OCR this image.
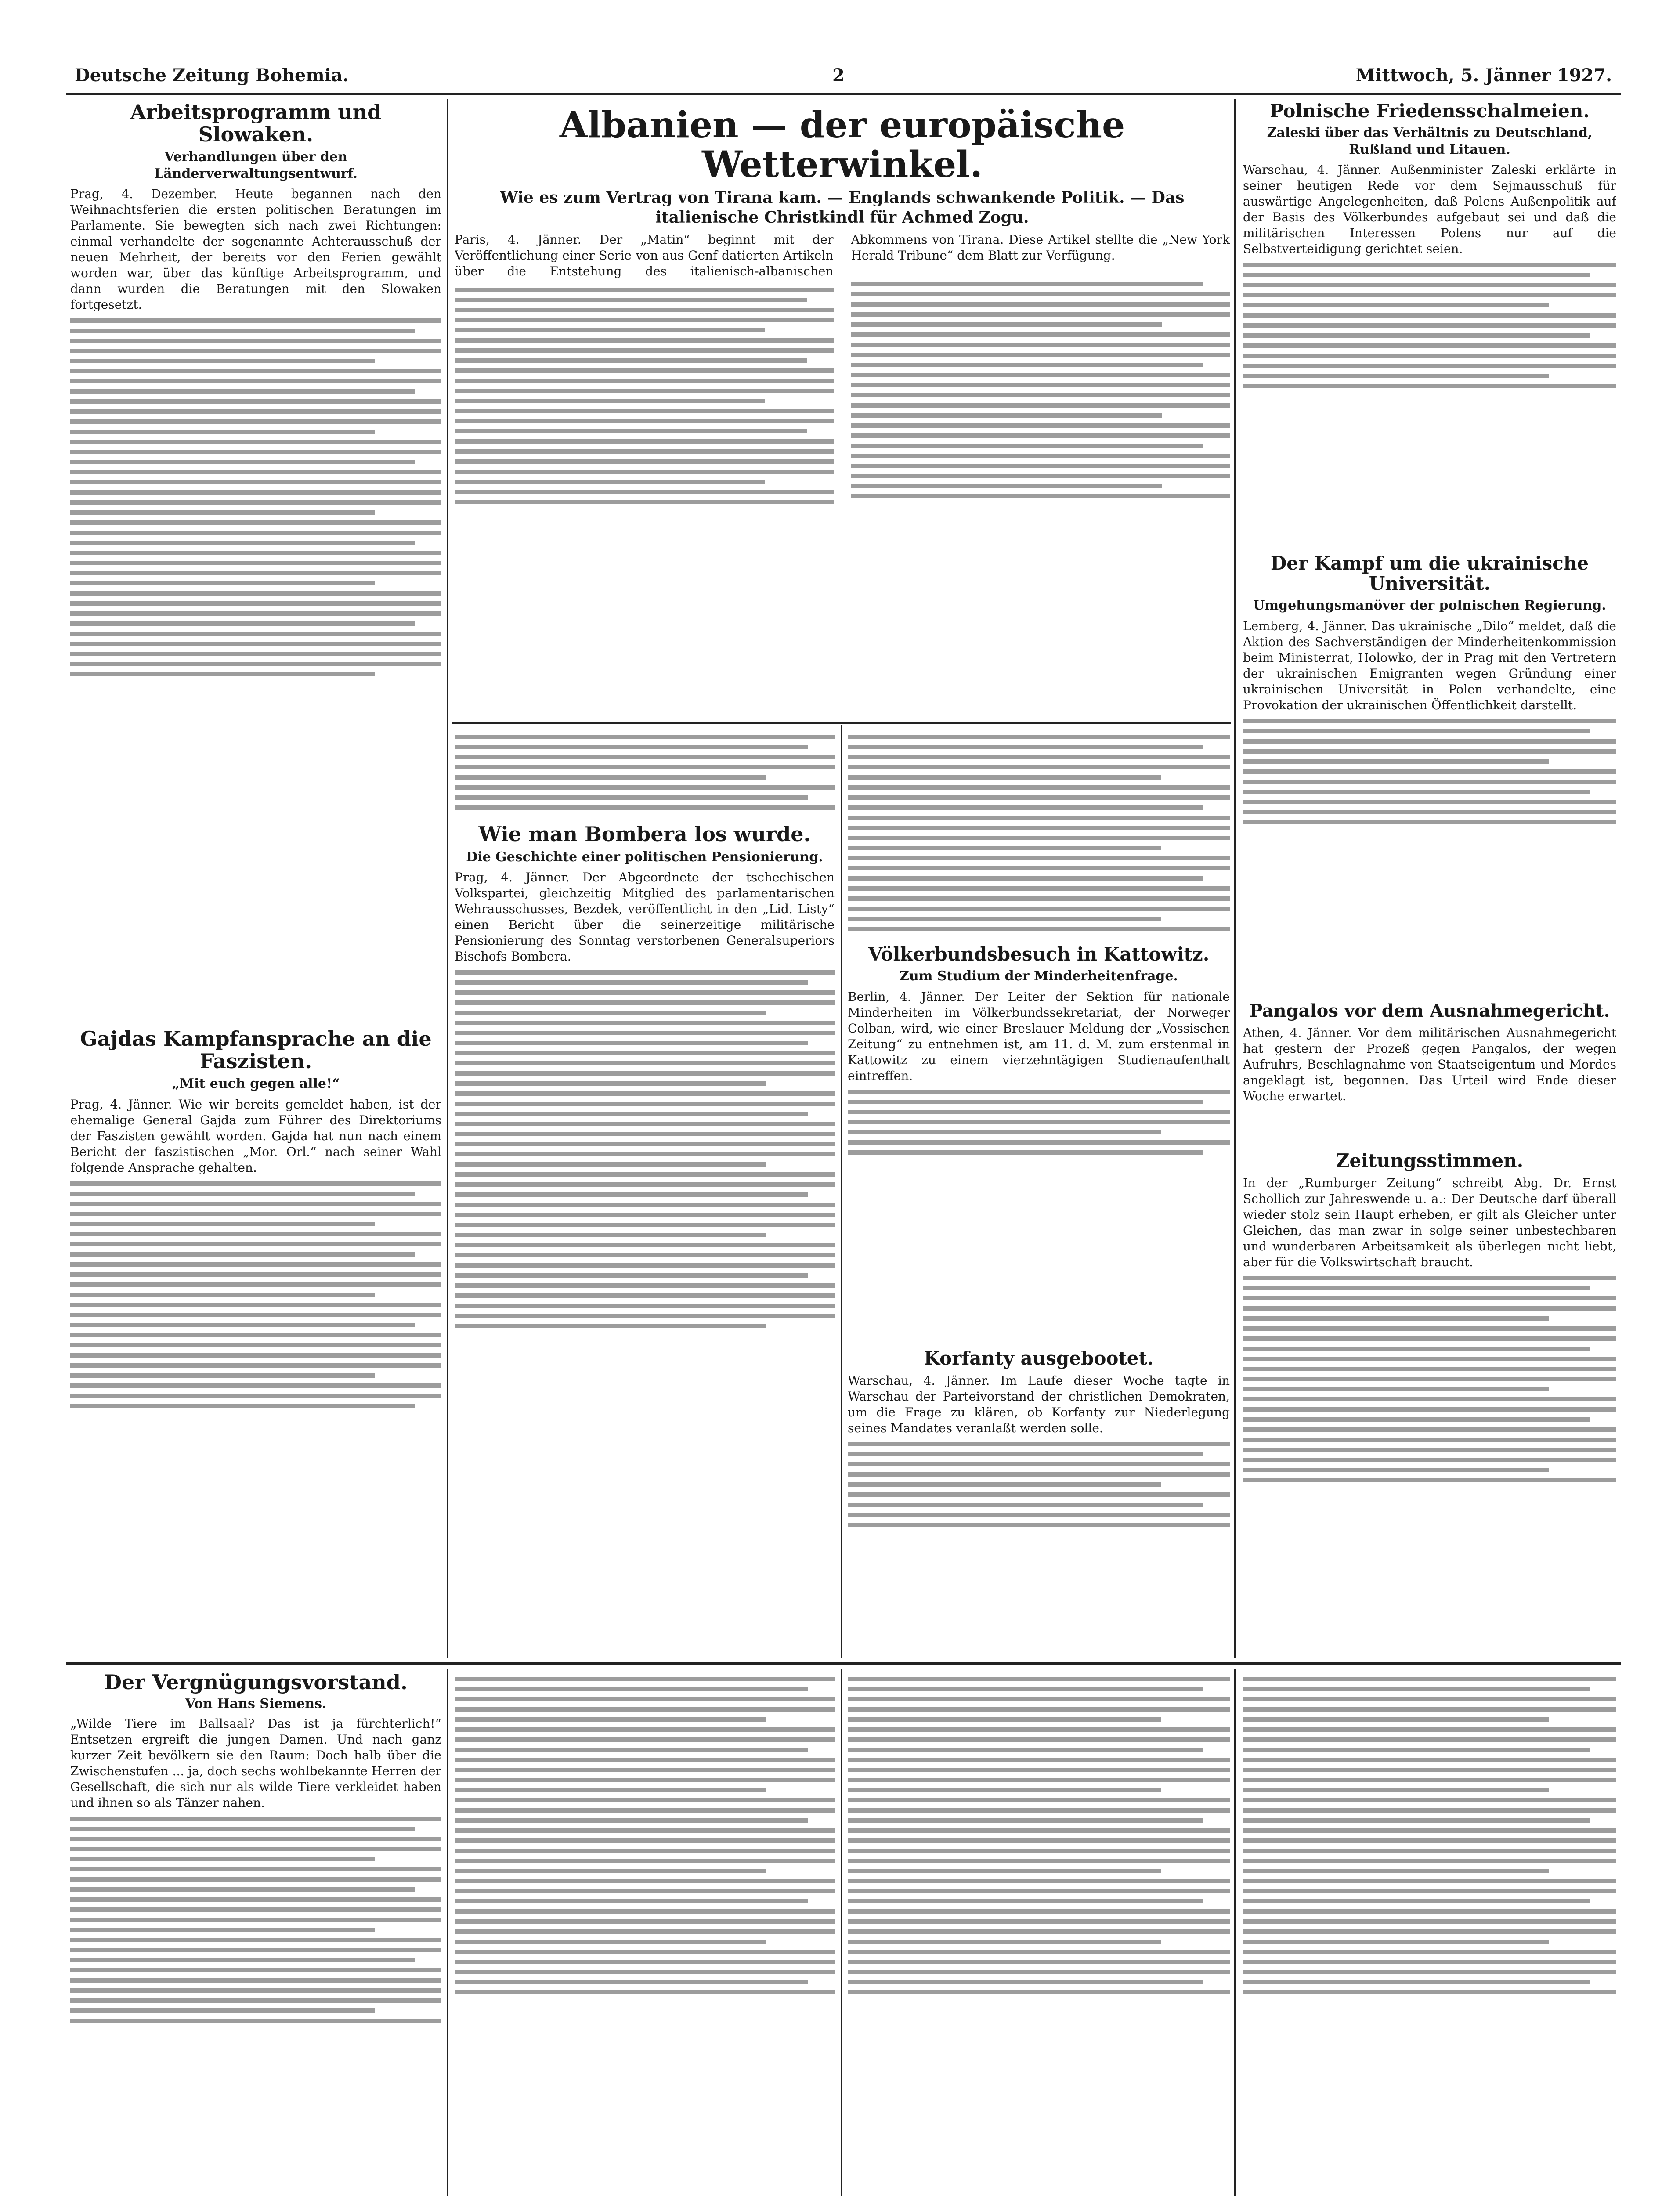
Deutsche Zeitung Bohemia.	2	Mittwoch, 5. Jänner 1927.
Arbeitsprogramm und Slowaken.
Verhandlungen über den Länderverwaltungsentwurf.
Prag, 4. Dezember. Heute begannen nach den Weihnachtsferien die ersten politischen Beratungen im Parlamente. Sie bewegten sich nach zwei Richtungen: einmal verhandelte der sogenannte Achterausschuß der neuen Mehrheit, der bereits vor den Ferien gewählt worden war, über das künftige Arbeitsprogramm, und dann wurden die Beratungen mit den Slowaken fortgesetzt.
Gajdas Kampfansprache an die Faszisten.
„Mit euch gegen alle!“
Prag, 4. Jänner. Wie wir bereits gemeldet haben, ist der ehemalige General Gajda zum Führer des Direktoriums der Faszisten gewählt worden. Gajda hat nun nach einem Bericht der faszistischen „Mor. Orl.“ nach seiner Wahl folgende Ansprache gehalten.
Albanien — der europäische Wetterwinkel.
Wie es zum Vertrag von Tirana kam. — Englands schwankende Politik. — Das italienische Christkindl für Achmed Zogu.
Paris, 4. Jänner. Der „Matin“ beginnt mit der Veröffentlichung einer Serie von aus Genf datierten Artikeln über die Entstehung des italienisch-albanischen Abkommens von Tirana. Diese Artikel stellte die „New York Herald Tribune“ dem Blatt zur Verfügung.
Wie man Bombera los wurde.
Die Geschichte einer politischen Pensionierung.
Prag, 4. Jänner. Der Abgeordnete der tschechischen Volkspartei, gleichzeitig Mitglied des parlamentarischen Wehrausschusses, Bezdek, veröffentlicht in den „Lid. Listy“ einen Bericht über die seinerzeitige militärische Pensionierung des Sonntag verstorbenen Generalsuperiors Bischofs Bombera.	Völkerbundsbesuch in Kattowitz.
Zum Studium der Minderheitenfrage.
Berlin, 4. Jänner. Der Leiter der Sektion für nationale Minderheiten im Völkerbundssekretariat, der Norweger Colban, wird, wie einer Breslauer Meldung der „Vossischen Zeitung“ zu entnehmen ist, am 11. d. M. zum erstenmal in Kattowitz zu einem vierzehntägigen Studienaufenthalt eintreffen.
Korfanty ausgebootet.
Warschau, 4. Jänner. Im Laufe dieser Woche tagte in Warschau der Parteivorstand der christlichen Demokraten, um die Frage zu klären, ob Korfanty zur Niederlegung seines Mandates veranlaßt werden solle.
Polnische Friedensschalmeien.
Zaleski über das Verhältnis zu Deutschland, Rußland und Litauen.
Warschau, 4. Jänner. Außenminister Zaleski erklärte in seiner heutigen Rede vor dem Sejmausschuß für auswärtige Angelegenheiten, daß Polens Außenpolitik auf der Basis des Völkerbundes aufgebaut sei und daß die militärischen Interessen Polens nur auf die Selbstverteidigung gerichtet seien.
Der Kampf um die ukrainische Universität.
Umgehungsmanöver der polnischen Regierung.
Lemberg, 4. Jänner. Das ukrainische „Dilo“ meldet, daß die Aktion des Sachverständigen der Minderheitenkommission beim Ministerrat, Holowko, der in Prag mit den Vertretern der ukrainischen Emigranten wegen Gründung einer ukrainischen Universität in Polen verhandelte, eine Provokation der ukrainischen Öffentlichkeit darstellt.
Pangalos vor dem Ausnahmegericht.
Athen, 4. Jänner. Vor dem militärischen Ausnahmegericht hat gestern der Prozeß gegen Pangalos, der wegen Aufruhrs, Beschlagnahme von Staatseigentum und Mordes angeklagt ist, begonnen. Das Urteil wird Ende dieser Woche erwartet.
Zeitungsstimmen.
In der „Rumburger Zeitung“ schreibt Abg. Dr. Ernst Schollich zur Jahreswende u. a.: Der Deutsche darf überall wieder stolz sein Haupt erheben, er gilt als Gleicher unter Gleichen, das man zwar in solge seiner unbestechbaren und wunderbaren Arbeitsamkeit als überlegen nicht liebt, aber für die Volkswirtschaft braucht.
Der Vergnügungsvorstand.
Von Hans Siemens.
„Wilde Tiere im Ballsaal? Das ist ja fürchterlich!“ Entsetzen ergreift die jungen Damen. Und nach ganz kurzer Zeit bevölkern sie den Raum: Doch halb über die Zwischenstufen ... ja, doch sechs wohlbekannte Herren der Gesellschaft, die sich nur als wilde Tiere verkleidet haben und ihnen so als Tänzer nahen.
